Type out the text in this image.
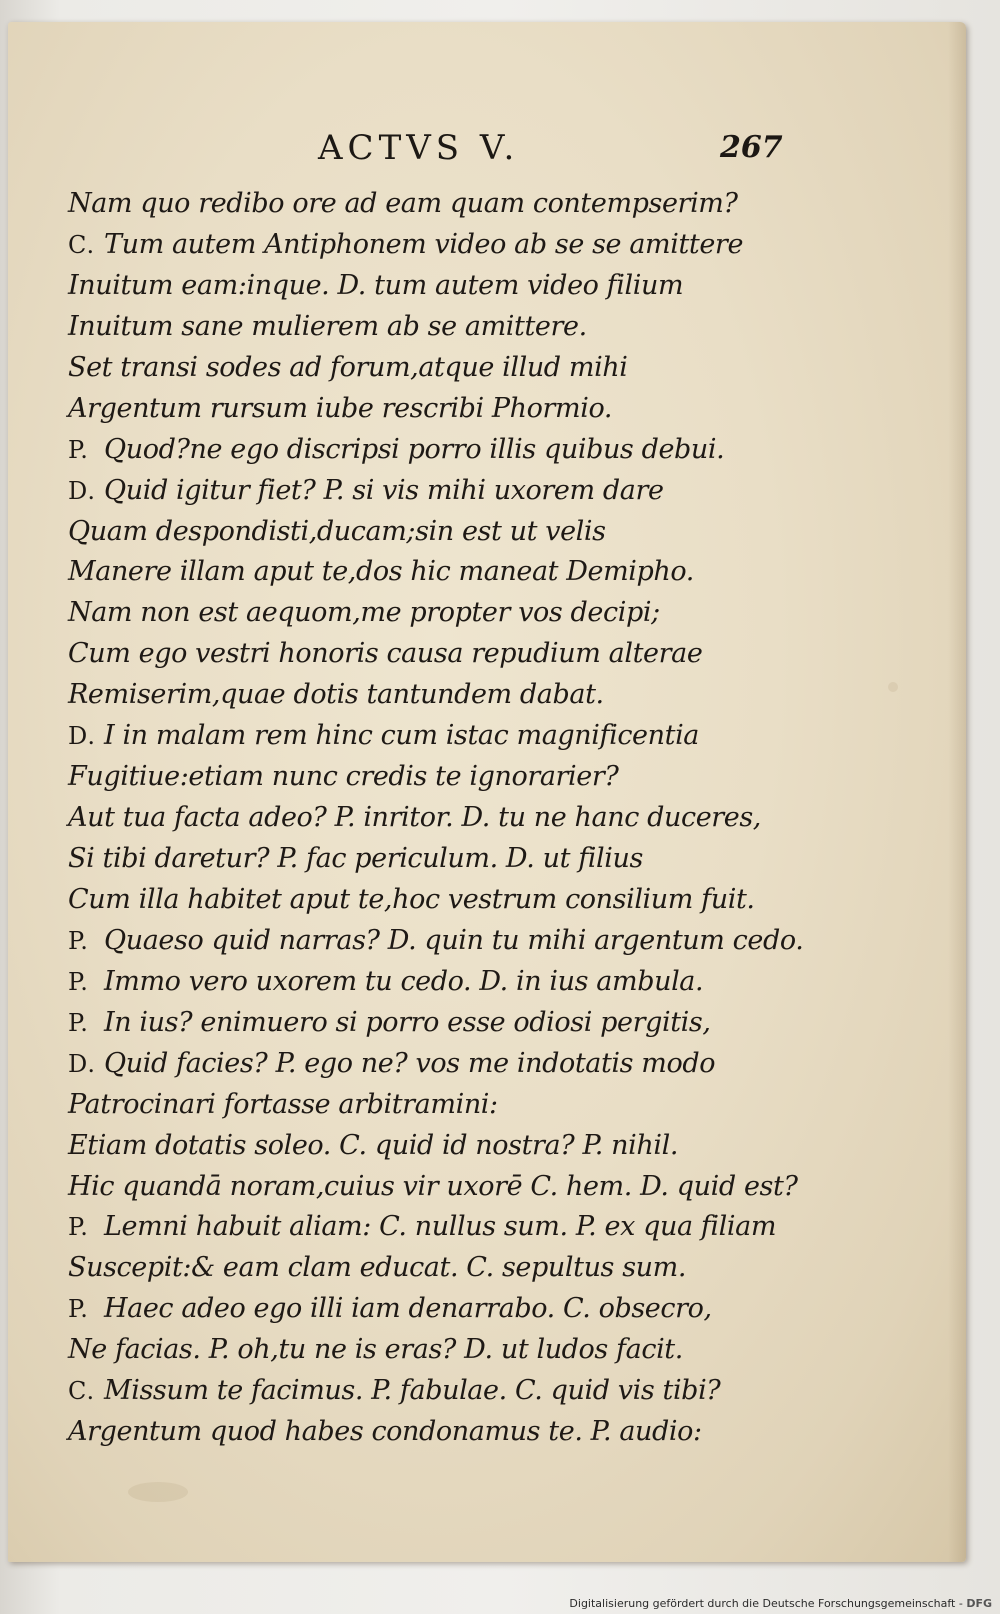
ACTVS V.	267
Nam quo redibo ore ad eam quam contempserim?
C. Tum autem Antiphonem video ab se se amittere
Inuitum eam:inque. D. tum autem video filium
Inuitum sane mulierem ab se amittere.
Set transi sodes ad forum,atque illud mihi
Argentum rursum iube rescribi Phormio.
P. Quod?ne ego discripsi porro illis quibus debui.
D. Quid igitur fiet? P. si vis mihi uxorem dare
Quam despondisti,ducam;sin est ut velis
Manere illam aput te,dos hic maneat Demipho.
Nam non est aequom,me propter vos decipi;
Cum ego vestri honoris causa repudium alterae
Remiserim,quae dotis tantundem dabat.
D. I in malam rem hinc cum istac magnificentia
Fugitiue:etiam nunc credis te ignorarier?
Aut tua facta adeo? P. inritor. D. tu ne hanc duceres,
Si tibi daretur? P. fac periculum. D. ut filius
Cum illa habitet aput te,hoc vestrum consilium fuit.
P. Quaeso quid narras? D. quin tu mihi argentum cedo.
P. Immo vero uxorem tu cedo. D. in ius ambula.
P. In ius? enimuero si porro esse odiosi pergitis,
D. Quid facies? P. ego ne? vos me indotatis modo
Patrocinari fortasse arbitramini:
Etiam dotatis soleo. C. quid id nostra? P. nihil.
Hic quandā noram,cuius vir uxorē C. hem. D. quid est?
P. Lemni habuit aliam: C. nullus sum. P. ex qua filiam
Suscepit:& eam clam educat. C. sepultus sum.
P. Haec adeo ego illi iam denarrabo. C. obsecro,
Ne facias. P. oh,tu ne is eras? D. ut ludos facit.
C. Missum te facimus. P. fabulae. C. quid vis tibi?
Argentum quod habes condonamus te. P. audio:
Digitalisierung gefördert durch die Deutsche Forschungsgemeinschaft - DFG
